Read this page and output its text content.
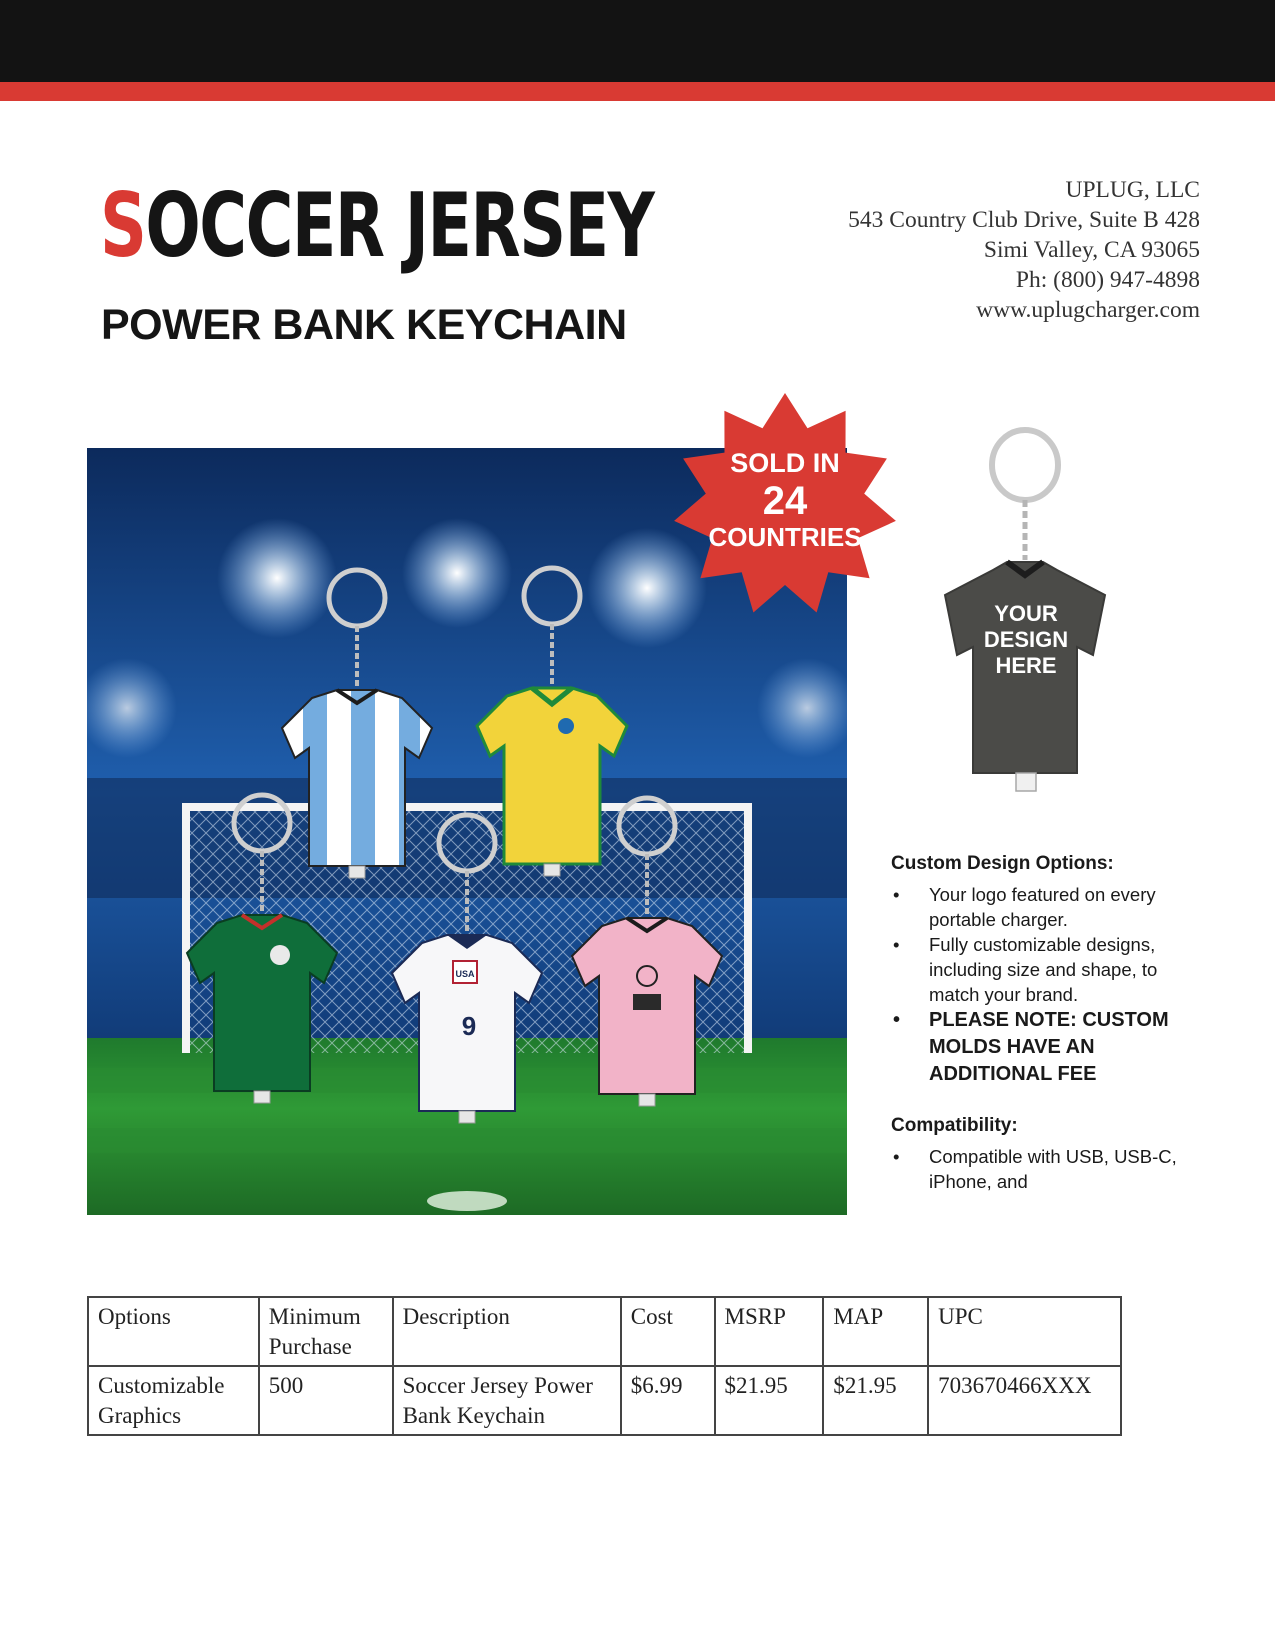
SOCCER JERSEY
POWER BANK KEYCHAIN
UPLUG, LLC
543 Country Club Drive, Suite B 428
Simi Valley, CA 93065
Ph: (800) 947-4898
www.uplugcharger.com
USA
9
SOLD IN
24
COUNTRIES
YOUR
DESIGN
HERE
Custom Design Options:
• Your logo featured on every portable charger.
• Fully customizable designs, including size and shape, to match your brand.
• PLEASE NOTE: CUSTOM MOLDS HAVE AN ADDITIONAL FEE
Compatibility:
• Compatible with USB, USB-C, iPhone, and
Options	Minimum Purchase	Description	Cost	MSRP	MAP	UPC
Customizable Graphics	500	Soccer Jersey Power Bank Keychain	$6.99	$21.95	$21.95	703670466XXX
